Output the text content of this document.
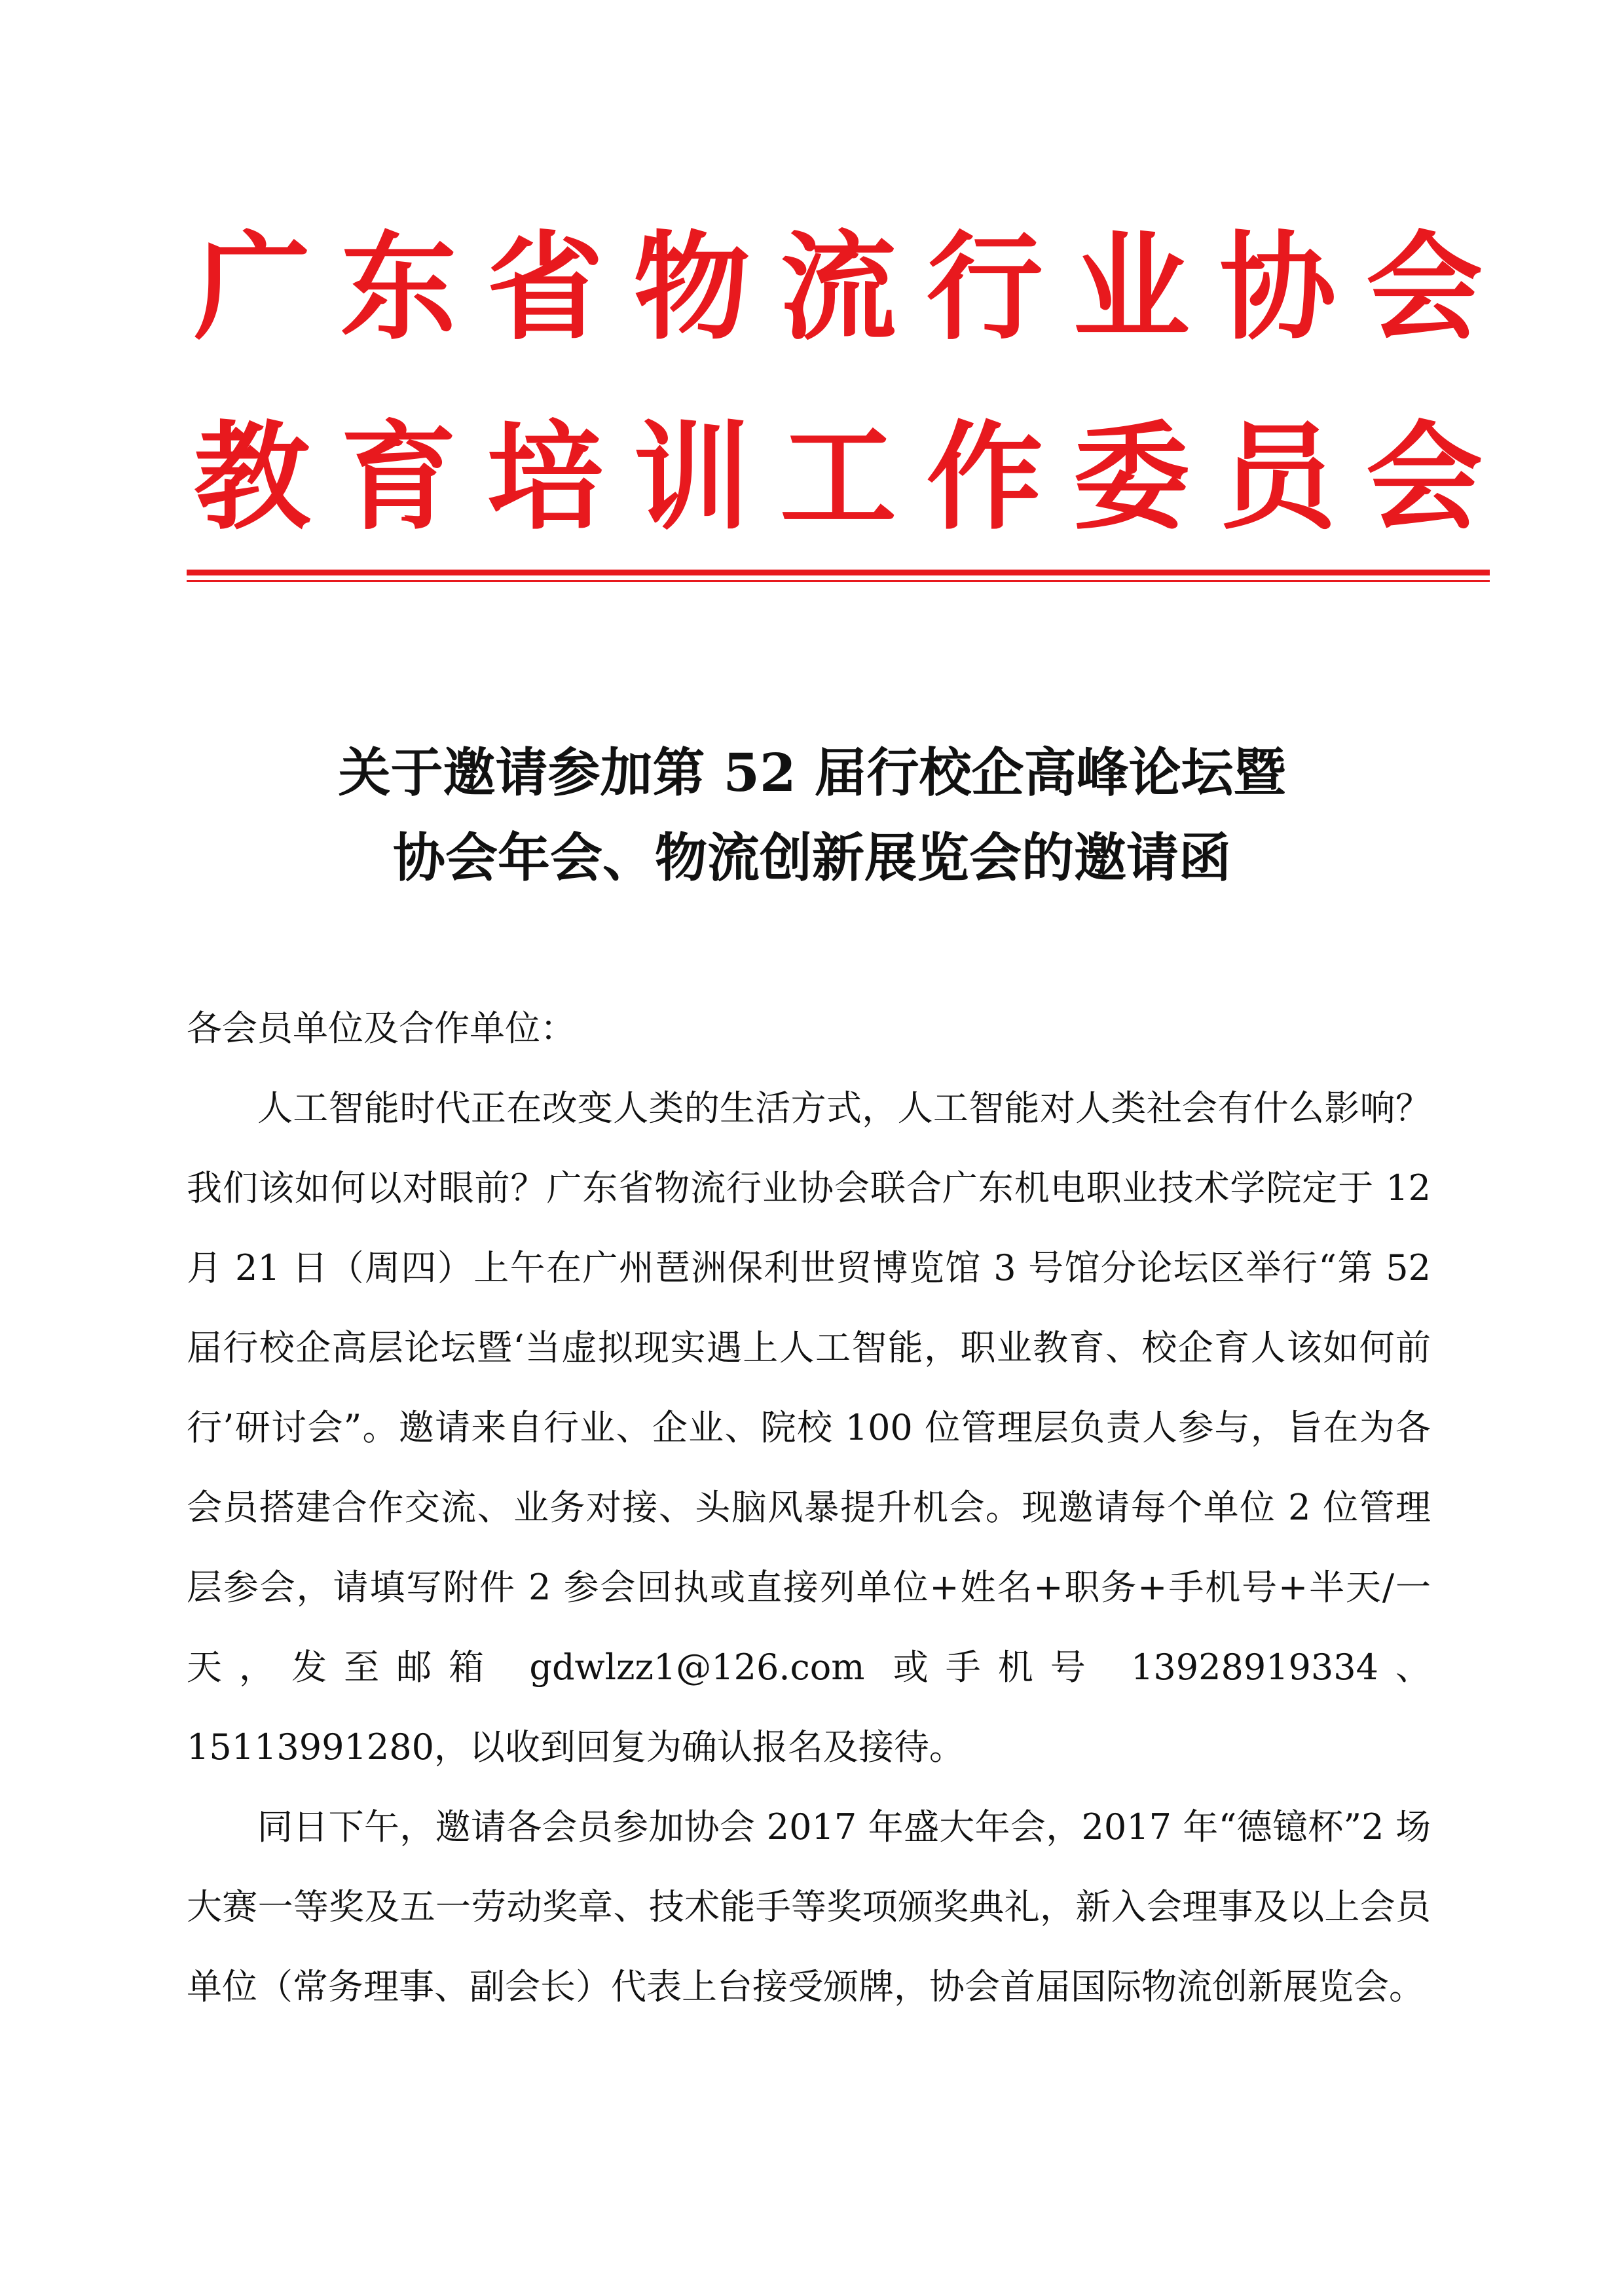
广 东 省 物 流 行 业 协 会
教 育 培 训 工 作 委 员 会
关于邀请参加第 52 届行校企高峰论坛暨
协会年会、物流创新展览会的邀请函
各会员单位及合作单位：
人工智能时代正在改变人类的生活方式，人工智能对人类社会有什么影响？我们该如何以对眼前？广东省物流行业协会联合广东机电职业技术学院定于 12 月 21 日（周四）上午在广州琶洲保利世贸博览馆 3 号馆分论坛区举行“第 52 届行校企高层论坛暨‘当虚拟现实遇上人工智能，职业教育、校企育人该如何前行’研讨会”。邀请来自行业、企业、院校 100 位管理层负责人参与，旨在为各会员搭建合作交流、业务对接、头脑风暴提升机会。现邀请每个单位 2 位管理层参会，请填写附件 2 参会回执或直接列单位+姓名+职务+手机号+半天/一天，发至邮箱 gdwlzz1@126.com 或手机号 13928919334、15113991280，以收到回复为确认报名及接待。
同日下午，邀请各会员参加协会 2017 年盛大年会，2017 年“德镱杯”2 场大赛一等奖及五一劳动奖章、技术能手等奖项颁奖典礼，新入会理事及以上会员单位（常务理事、副会长）代表上台接受颁牌，协会首届国际物流创新展览会。
